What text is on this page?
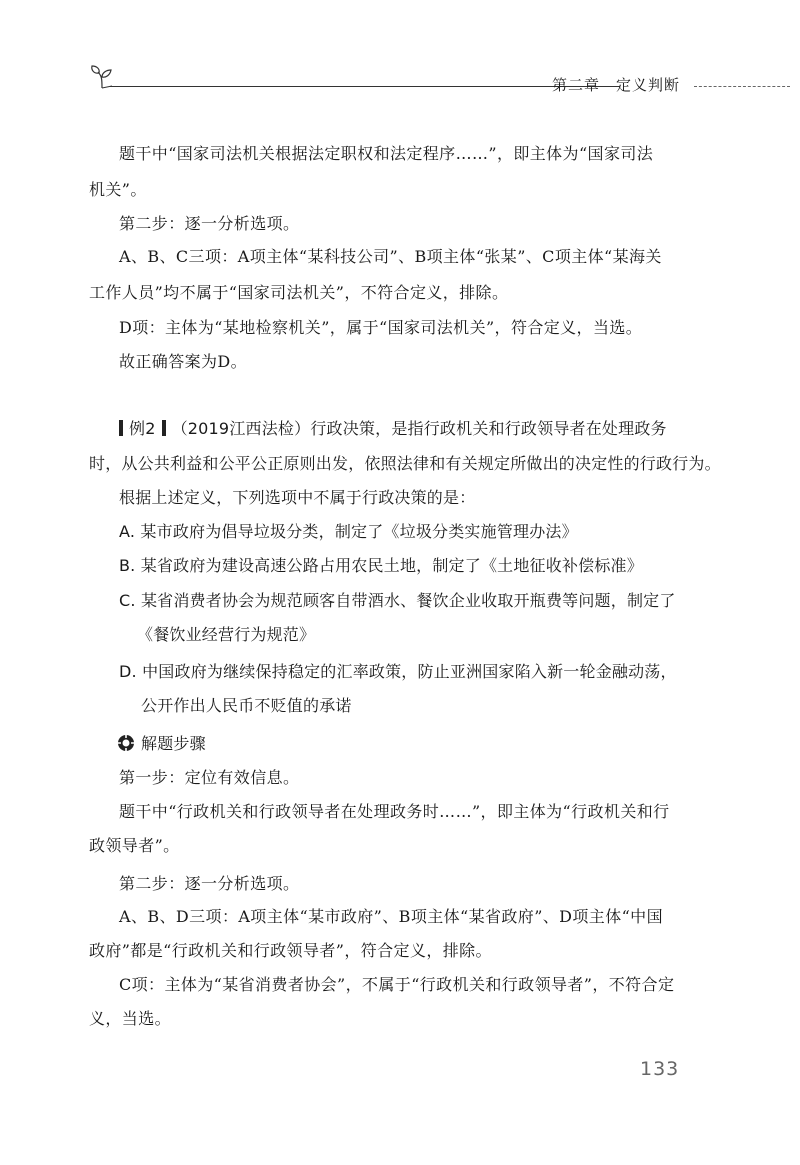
第二章 定义判断
题干中“国家司法机关根据法定职权和法定程序……”，即主体为“国家司法
机关”。
第二步：逐一分析选项。
A、B、C三项：A项主体“某科技公司”、B项主体“张某”、C项主体“某海关
工作人员”均不属于“国家司法机关”，不符合定义，排除。
D项：主体为“某地检察机关”，属于“国家司法机关”，符合定义，当选。
故正确答案为D。
例2 （2019江西法检）行政决策，是指行政机关和行政领导者在处理政务
时，从公共利益和公平公正原则出发，依照法律和有关规定所做出的决定性的行政行为。
根据上述定义，下列选项中不属于行政决策的是：
A. 某市政府为倡导垃圾分类，制定了《垃圾分类实施管理办法》
B. 某省政府为建设高速公路占用农民土地，制定了《土地征收补偿标准》
C. 某省消费者协会为规范顾客自带酒水、餐饮企业收取开瓶费等问题，制定了
《餐饮业经营行为规范》
D. 中国政府为继续保持稳定的汇率政策，防止亚洲国家陷入新一轮金融动荡，
公开作出人民币不贬值的承诺
解题步骤
第一步：定位有效信息。
题干中“行政机关和行政领导者在处理政务时……”，即主体为“行政机关和行
政领导者”。
第二步：逐一分析选项。
A、B、D三项：A项主体“某市政府”、B项主体“某省政府”、D项主体“中国
政府”都是“行政机关和行政领导者”，符合定义，排除。
C项：主体为“某省消费者协会”，不属于“行政机关和行政领导者”，不符合定
义，当选。
133
